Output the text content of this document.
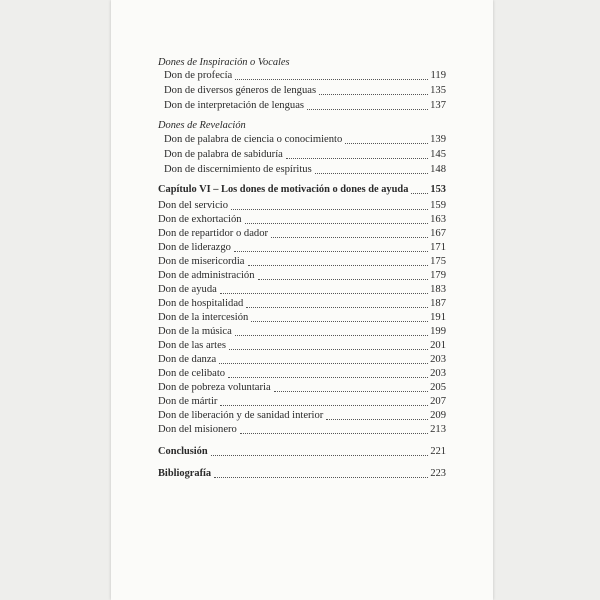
Dones de Inspiración o Vocales
Don de profecía	119
Don de diversos géneros de lenguas	135
Don de interpretación de lenguas	137
Dones de Revelación
Don de palabra de ciencia o conocimiento	139
Don de palabra de sabiduría	145
Don de discernimiento de espíritus	148
Capítulo VI – Los dones de motivación o dones de ayuda 153
Don del servicio	159
Don de exhortación	163
Don de repartidor o dador	167
Don de liderazgo	171
Don de misericordia	175
Don de administración	179
Don de ayuda	183
Don de hospitalidad	187
Don de la intercesión	191
Don de la música	199
Don de las artes	201
Don de danza	203
Don de celibato	203
Don de pobreza voluntaria	205
Don de mártir	207
Don de liberación y de sanidad interior	209
Don del misionero	213
Conclusión	221
Bibliografía	223
